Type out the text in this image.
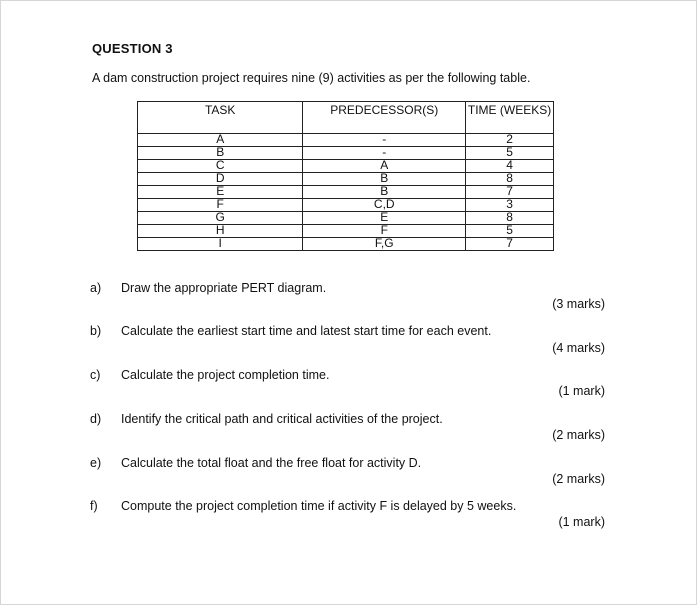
QUESTION 3
A dam construction project requires nine (9) activities as per the following table.
TASK	PREDECESSOR(S)	TIME (WEEKS)
A	-	2
B	-	5
C	A	4
D	B	8
E	B	7
F	C,D	3
G	E	8
H	F	5
I	F,G	7
a) Draw the appropriate PERT diagram.
(3 marks)
b) Calculate the earliest start time and latest start time for each event.
(4 marks)
c) Calculate the project completion time.
(1 mark)
d) Identify the critical path and critical activities of the project.
(2 marks)
e) Calculate the total float and the free float for activity D.
(2 marks)
f) Compute the project completion time if activity F is delayed by 5 weeks.
(1 mark)
